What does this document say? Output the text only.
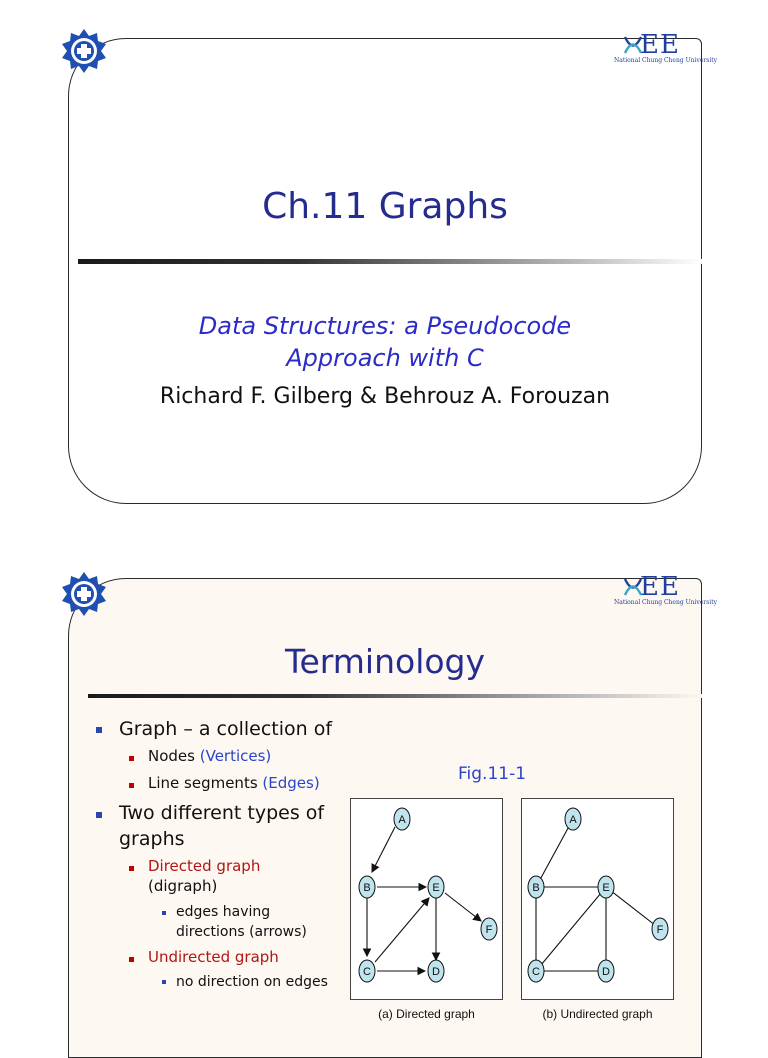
EE
National Chung Cheng University
Ch.11 Graphs
Data Structures: a Pseudocode
Approach with C
Richard F. Gilberg & Behrouz A. Forouzan
EE
National Chung Cheng University
Terminology
Graph – a collection of
Nodes (Vertices)
Line segments (Edges)
Two different types of
graphs
Directed graph
(digraph)
edges having
directions (arrows)
Undirected graph
no direction on edges
Fig.11-1
A
B	E
F
C	D
(a) Directed graph
A
B	E
F
C	D
(b) Undirected graph
